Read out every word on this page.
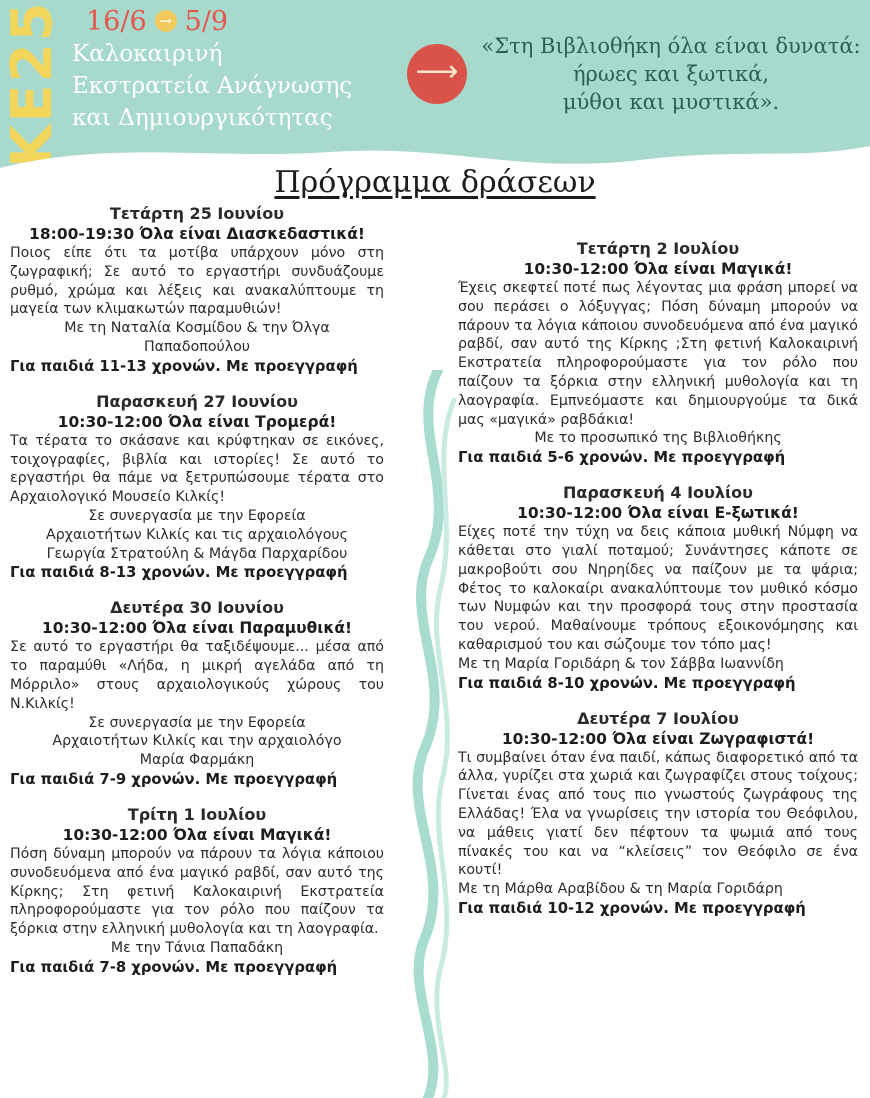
KE25 16/6 → 5/9
Καλοκαιρινή
Εκστρατεία Ανάγνωσης
και Δημιουργικότητας
⟶
«Στη Βιβλιοθήκη όλα είναι δυνατά:
ήρωες και ξωτικά,
μύθοι και μυστικά».
Πρόγραμμα δράσεων
Τετάρτη 25 Ιουνίου
18:00-19:30 Όλα είναι Διασκεδαστικά!
Ποιος είπε ότι τα μοτίβα υπάρχουν μόνο στη ζωγραφική; Σε αυτό το εργαστήρι συνδυάζουμε ρυθμό, χρώμα και λέξεις και ανακαλύπτουμε τη μαγεία των κλιμακωτών παραμυθιών!
Με τη Ναταλία Κοσμίδου & την Όλγα
Παπαδοπούλου
Για παιδιά 11-13 χρονών. Με προεγγραφή
Παρασκευή 27 Ιουνίου
10:30-12:00 Όλα είναι Τρομερά!
Τα τέρατα το σκάσανε και κρύφτηκαν σε εικόνες, τοιχογραφίες, βιβλία και ιστορίες! Σε αυτό το εργαστήρι θα πάμε να ξετρυπώσουμε τέρατα στο Αρχαιολογικό Μουσείο Κιλκίς!
Σε συνεργασία με την Εφορεία
Αρχαιοτήτων Κιλκίς και τις αρχαιολόγους
Γεωργία Στρατούλη & Μάγδα Παρχαρίδου
Για παιδιά 8-13 χρονών. Με προεγγραφή
Δευτέρα 30 Ιουνίου
10:30-12:00 Όλα είναι Παραμυθικά!
Σε αυτό το εργαστήρι θα ταξιδέψουμε... μέσα από το παραμύθι «Λήδα, η μικρή αγελάδα από τη Μόρριλο» στους αρχαιολογικούς χώρους του Ν.Κιλκίς!
Σε συνεργασία με την Εφορεία
Αρχαιοτήτων Κιλκίς και την αρχαιολόγο
Μαρία Φαρμάκη
Για παιδιά 7-9 χρονών. Με προεγγραφή
Τρίτη 1 Ιουλίου
10:30-12:00 Όλα είναι Μαγικά!
Πόση δύναμη μπορούν να πάρουν τα λόγια κάποιου συνοδευόμενα από ένα μαγικό ραβδί, σαν αυτό της Κίρκης; Στη φετινή Καλοκαιρινή Εκστρατεία πληροφορούμαστε για τον ρόλο που παίζουν τα ξόρκια στην ελληνική μυθολογία και τη λαογραφία.
Με την Τάνια Παπαδάκη
Για παιδιά 7-8 χρονών. Με προεγγραφή
Τετάρτη 2 Ιουλίου
10:30-12:00 Όλα είναι Μαγικά!
Έχεις σκεφτεί ποτέ πως λέγοντας μια φράση μπορεί να σου περάσει ο λόξυγγας; Πόση δύναμη μπορούν να πάρουν τα λόγια κάποιου συνοδευόμενα από ένα μαγικό ραβδί, σαν αυτό της Κίρκης ;Στη φετινή Καλοκαιρινή Εκστρατεία πληροφορούμαστε για τον ρόλο που παίζουν τα ξόρκια στην ελληνική μυθολογία και τη λαογραφία. Εμπνεόμαστε και δημιουργούμε τα δικά μας «μαγικά» ραβδάκια!
Με το προσωπικό της Βιβλιοθήκης
Για παιδιά 5-6 χρονών. Με προεγγραφή
Παρασκευή 4 Ιουλίου
10:30-12:00 Όλα είναι Ε-ξωτικά!
Είχες ποτέ την τύχη να δεις κάποια μυθική Νύμφη να κάθεται στο γιαλί ποταμού; Συνάντησες κάποτε σε μακροβούτι σου Νηρηίδες να παίζουν με τα ψάρια; Φέτος το καλοκαίρι ανακαλύπτουμε τον μυθικό κόσμο των Νυμφών και την προσφορά τους στην προστασία του νερού. Μαθαίνουμε τρόπους εξοικονόμησης και καθαρισμού του και σώζουμε τον τόπο μας!
Με τη Μαρία Γοριδάρη & τον Σάββα Ιωαννίδη
Για παιδιά 8-10 χρονών. Με προεγγραφή
Δευτέρα 7 Ιουλίου
10:30-12:00 Όλα είναι Ζωγραφιστά!
Τι συμβαίνει όταν ένα παιδί, κάπως διαφορετικό από τα άλλα, γυρίζει στα χωριά και ζωγραφίζει στους τοίχους; Γίνεται ένας από τους πιο γνωστούς ζωγράφους της Ελλάδας! Έλα να γνωρίσεις την ιστορία του Θεόφιλου, να μάθεις γιατί δεν πέφτουν τα ψωμιά από τους πίνακές του και να “κλείσεις” τον Θεόφιλο σε ένα κουτί!
Με τη Μάρθα Αραβίδου & τη Μαρία Γοριδάρη
Για παιδιά 10-12 χρονών. Με προεγγραφή
